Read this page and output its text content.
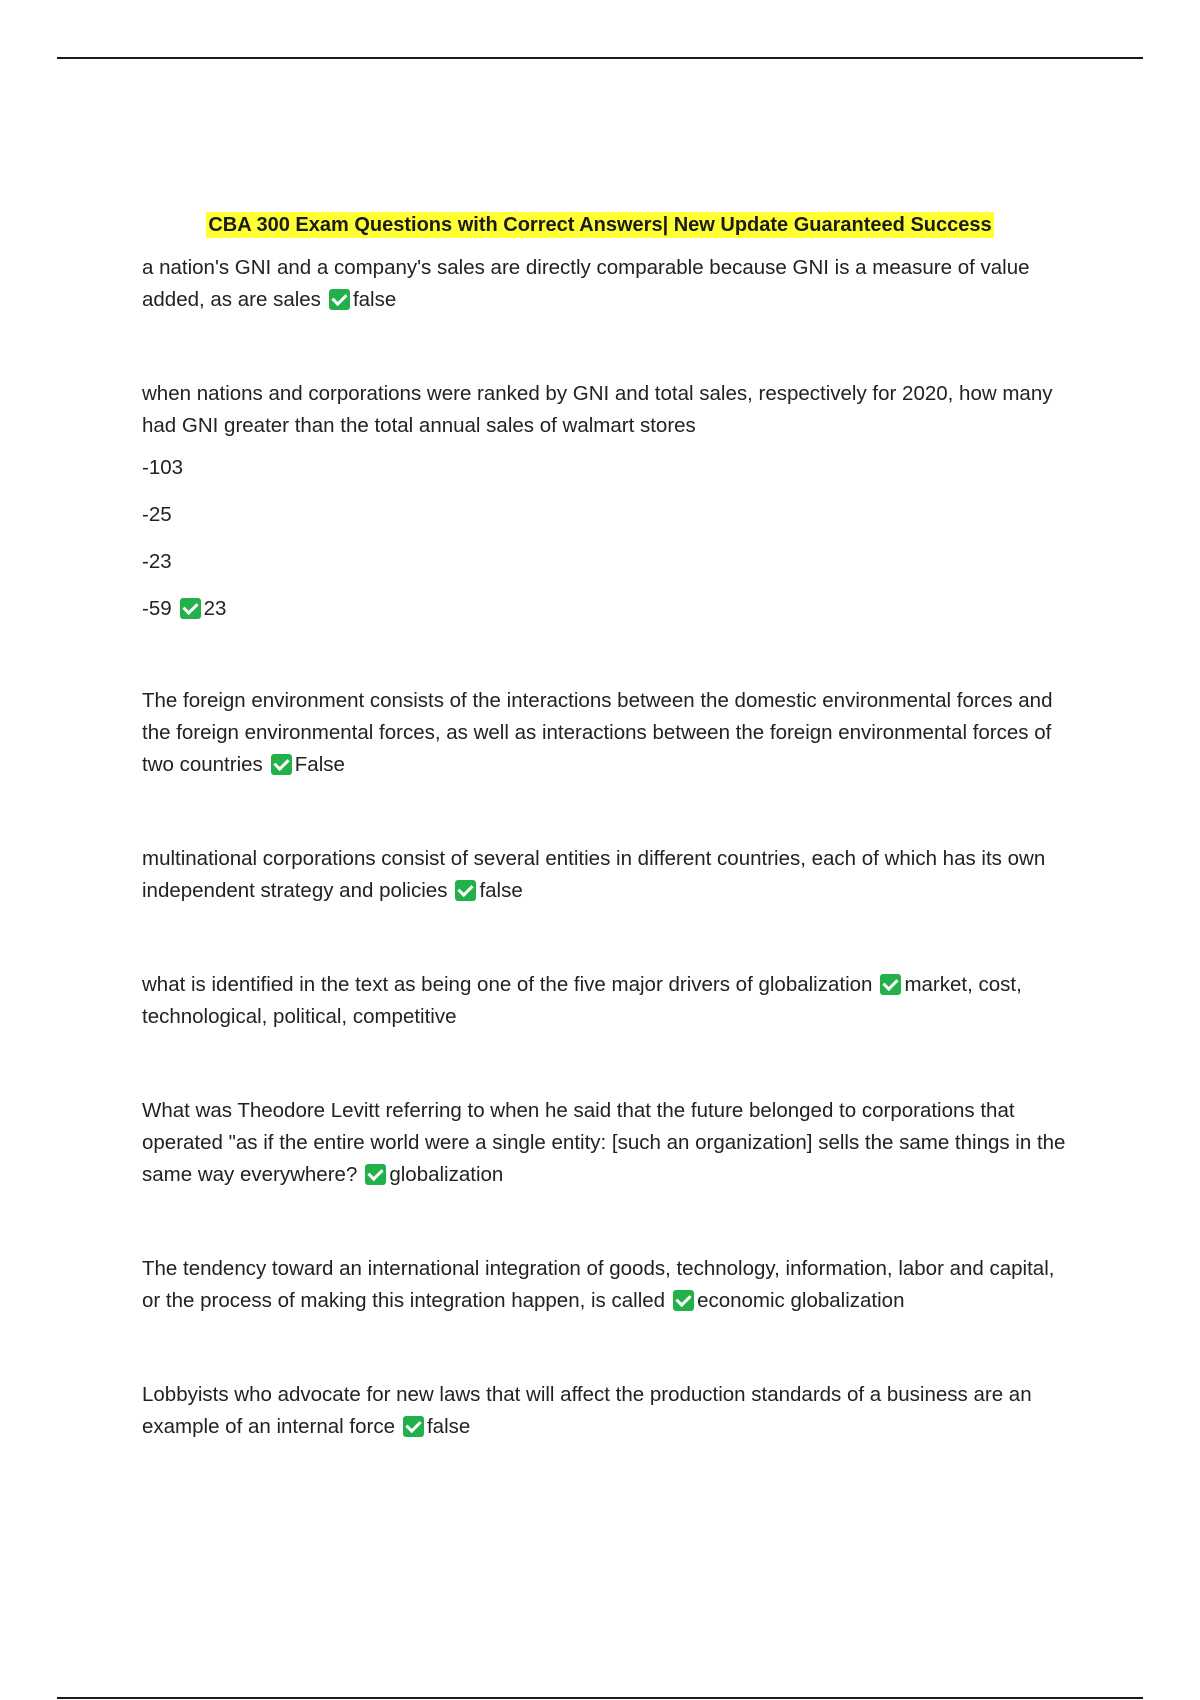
CBA 300 Exam Questions with Correct Answers| New Update Guaranteed Success

a nation's GNI and a company's sales are directly comparable because GNI is a measure of value added, as are sales false

when nations and corporations were ranked by GNI and total sales, respectively for 2020, how many had GNI greater than the total annual sales of walmart stores
-103
-25
-23
-59 23

The foreign environment consists of the interactions between the domestic environmental forces and the foreign environmental forces, as well as interactions between the foreign environmental forces of two countries False

multinational corporations consist of several entities in different countries, each of which has its own independent strategy and policies false

what is identified in the text as being one of the five major drivers of globalization market, cost, technological, political, competitive

What was Theodore Levitt referring to when he said that the future belonged to corporations that operated "as if the entire world were a single entity: [such an organization] sells the same things in the same way everywhere? globalization

The tendency toward an international integration of goods, technology, information, labor and capital, or the process of making this integration happen, is called economic globalization

Lobbyists who advocate for new laws that will affect the production standards of a business are an example of an internal force false
